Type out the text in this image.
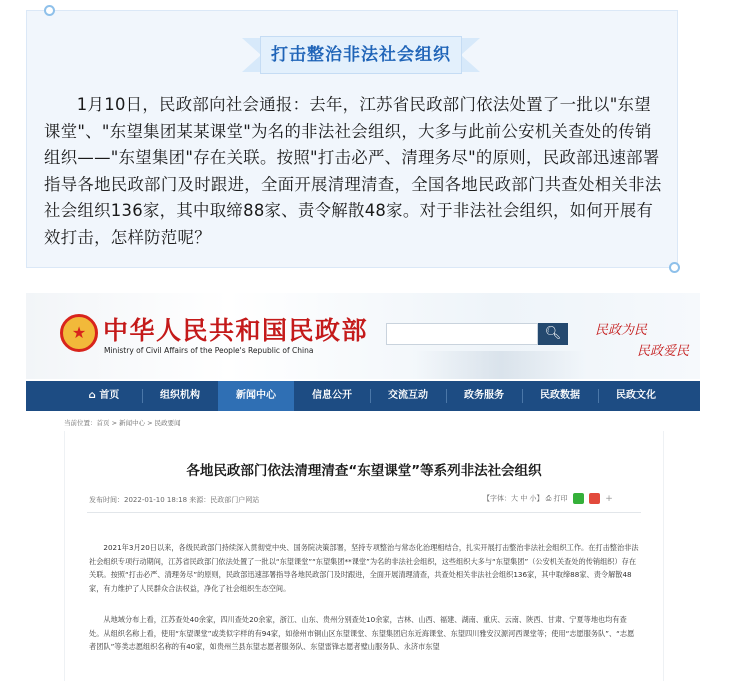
打击整治非法社会组织

1月10日，民政部向社会通报：去年，江苏省民政部门依法处置了一批以"东望课堂"、"东望集团某某课堂"为名的非法社会组织，大多与此前公安机关查处的传销组织——"东望集团"存在关联。按照"打击必严、清理务尽"的原则，民政部迅速部署指导各地民政部门及时跟进，全面开展清理清查，全国各地民政部门共查处相关非法社会组织136家，其中取缔88家、责令解散48家。对于非法社会组织，如何开展有效打击，怎样防范呢？

★
中华人民共和国民政部
Ministry of Civil Affairs of the People's Republic of China
🔍︎	民政为民
民政爱民
⌂ 首页	组织机构	新闻中心	信息公开	交流互动	政务服务	民政数据	民政文化
当前位置：首页 > 新闻中心 > 民政要闻
各地民政部门依法清理清查“东望课堂”等系列非法社会组织
发布时间：2022-01-10 18:18 来源：民政部门户网站	【字体：大 中 小】 ⎙ 打印	+

2021年3月20日以来，各级民政部门持续深入贯彻党中央、国务院决策部署，坚持专项整治与常态化治理相结合，扎实开展打击整治非法社会组织工作。在打击整治非法社会组织专项行动期间，江苏省民政部门依法处置了一批以“东望课堂”“东望集团**课堂”为名的非法社会组织，这些组织大多与“东望集团”（公安机关查处的传销组织）存在关联。按照“打击必严、清理务尽”的原则，民政部迅速部署指导各地民政部门及时跟进，全面开展清理清查，共查处相关非法社会组织136家，其中取缔88家、责令解散48家，有力维护了人民群众合法权益，净化了社会组织生态空间。

从地域分布上看，江苏查处40余家，四川查处20余家，浙江、山东、贵州分别查处10余家，吉林、山西、福建、湖南、重庆、云南、陕西、甘肃、宁夏等地也均有查处。从组织名称上看，使用“东望课堂”或类似字样的有94家，如徐州市铜山区东望课堂、东望集团启东近海课堂、东望四川雅安汉源河西课堂等；使用“志愿服务队”、“志愿者团队”等类志愿组织名称的有40家，如贵州兰县东望志愿者服务队、东望雷锋志愿者璧山服务队、永济市东望
